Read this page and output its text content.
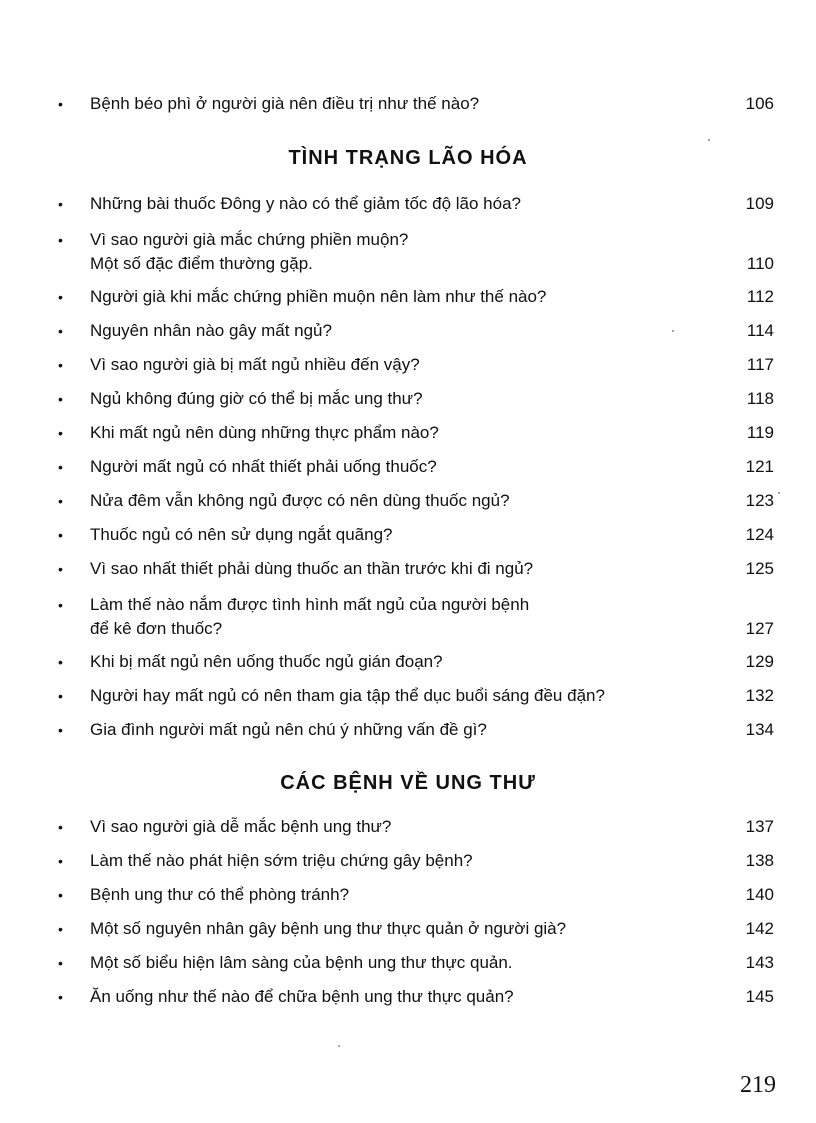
•	Bệnh béo phì ở người già nên điều trị như thế nào?	106
TÌNH TRẠNG LÃO HÓA
•	Những bài thuốc Đông y nào có thể giảm tốc độ lão hóa?	109
•	Vì sao người già mắc chứng phiền muộn?
Một số đặc điểm thường gặp.	110
•	Người già khi mắc chứng phiền muộn nên làm như thế nào?	112
•	Nguyên nhân nào gây mất ngủ?	114
•	Vì sao người già bị mất ngủ nhiều đến vậy?	117
•	Ngủ không đúng giờ có thể bị mắc ung thư?	118
•	Khi mất ngủ nên dùng những thực phẩm nào?	119
•	Người mất ngủ có nhất thiết phải uống thuốc?	121
•	Nửa đêm vẫn không ngủ được có nên dùng thuốc ngủ?	123
•	Thuốc ngủ có nên sử dụng ngắt quãng?	124
•	Vì sao nhất thiết phải dùng thuốc an thần trước khi đi ngủ?	125
•	Làm thế nào nắm được tình hình mất ngủ của người bệnh
để kê đơn thuốc?	127
•	Khi bị mất ngủ nên uống thuốc ngủ gián đoạn?	129
•	Người hay mất ngủ có nên tham gia tập thể dục buổi sáng đều đặn?	132
•	Gia đình người mất ngủ nên chú ý những vấn đề gì?	134
CÁC BỆNH VỀ UNG THƯ
•	Vì sao người già dễ mắc bệnh ung thư?	137
•	Làm thế nào phát hiện sớm triệu chứng gây bệnh?	138
•	Bệnh ung thư có thể phòng tránh?	140
•	Một số nguyên nhân gây bệnh ung thư thực quản ở người già?	142
•	Một số biểu hiện lâm sàng của bệnh ung thư thực quản.	143
•	Ăn uống như thế nào để chữa bệnh ung thư thực quản?	145
219
